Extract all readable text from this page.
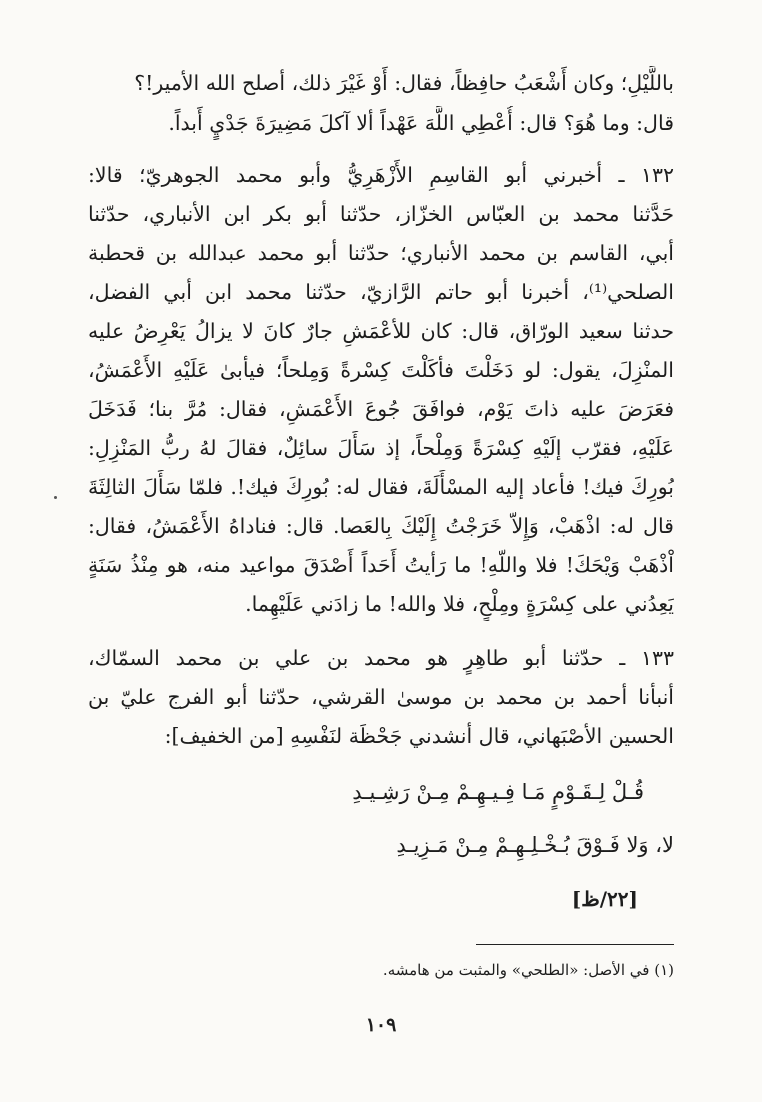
باللَّيْلِ؛ وكان أَشْعَبُ حافِظاً، فقال: أَوْ غَيْرَ ذلك، أصلح الله الأمير!؟
قال: وما هُوَ؟ قال: أُعْطِي اللَّهَ عَهْداً ألا آكلَ مَضِيرَةَ جَدْيٍ أَبداً.
١٣٢ ـ أخبرني أبو القاسِمِ الأَزْهَرِيُّ وأبو محمد الجوهريّ؛ قالا:
حَدَّثنا محمد بن العبّاس الخزّاز، حدّثنا أبو بكر ابن الأنباري، حدّثنا
أبي، القاسم بن محمد الأنباري؛ حدّثنا أبو محمد عبدالله بن قحطبة
الصلحي⁽¹⁾، أخبرنا أبو حاتم الرَّازيّ، حدّثنا محمد ابن أبي الفضل،
حدثنا سعيد الورّاق، قال: كان للأعْمَشِ جارٌ كانَ لا يزالُ يَعْرِضُ عليه
المنْزِلَ، يقول: لو دَخَلْتَ فأكَلْتَ كِسْرةً وَمِلحاً؛ فيأبىٰ عَلَيْهِ الأَعْمَشُ،
فعَرَضَ عليه ذاتَ يَوْم، فوافَقَ جُوعَ الأَعْمَشِ، فقال: مُرَّ بنا؛ فَدَخَلَ
عَلَيْهِ، فقرّب إلَيْهِ كِسْرَةً وَمِلْحاً، إذ سَأَلَ سائِلٌ، فقالَ لهُ ربُّ المَنْزِلِ:
بُورِكَ فيك! فأعاد إليه المسْأَلَةَ، فقال له: بُورِكَ فيك!. فلمّا سَأَلَ الثالِثَةَ
قال له: اذْهَبْ، وَإِلاّ خَرَجْتُ إِلَيْكَ بِالعَصا. قال: فناداهُ الأَعْمَشُ، فقال:
اْذْهَبْ وَيْحَكَ! فلا واللّهِ! ما رَأيتُ أَحَداً أَصْدَقَ مواعيد منه، هو مِنْذُ سَنَةٍ
يَعِدُني على كِسْرَةٍ ومِلْحٍ، فلا والله! ما زادَني عَلَيْهِما.
١٣٣ ـ حدّثنا أبو طاهِرٍ هو محمد بن علي بن محمد السمّاك،
أنبأنا أحمد بن محمد بن موسىٰ القرشي، حدّثنا أبو الفرج عليّ بن
الحسين الأصْبَهاني، قال أنشدني جَحْظَة لنَفْسِهِ [من الخفيف]:
قُـلْ لِـقَـوْمٍ مَـا فِـيـهِـمْ مِـنْ رَشِـيـدِ
لا، وَلا فَـوْقَ بُـخْـلِـهِـمْ مِـنْ مَـزِيـدِ
[٢٢/ظ]
(١) في الأصل: «الطلحي» والمثبت من هامشه.
١٠٩
